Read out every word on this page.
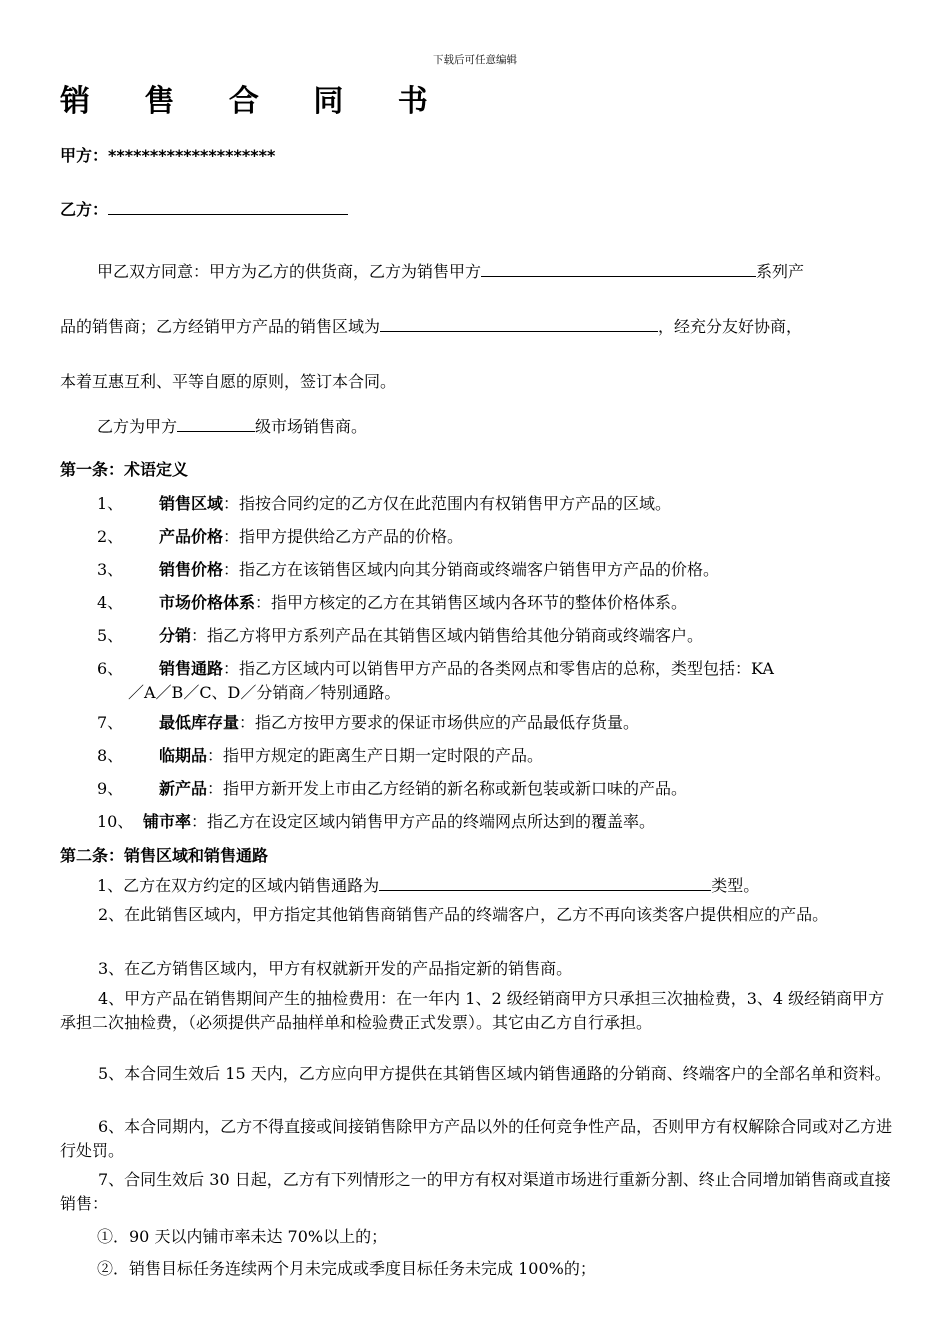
下载后可任意编辑
销 售 合 同 书
甲方：********************
乙方：
甲乙双方同意：甲方为乙方的供货商，乙方为销售甲方	系列产
品的销售商；乙方经销甲方产品的销售区域为	，经充分友好协商，
本着互惠互利、平等自愿的原则，签订本合同。
乙方为甲方	级市场销售商。
第一条：术语定义
1、 销售区域：指按合同约定的乙方仅在此范围内有权销售甲方产品的区域。
2、 产品价格：指甲方提供给乙方产品的价格。
3、 销售价格：指乙方在该销售区域内向其分销商或终端客户销售甲方产品的价格。
4、 市场价格体系：指甲方核定的乙方在其销售区域内各环节的整体价格体系。
5、 分销：指乙方将甲方系列产品在其销售区域内销售给其他分销商或终端客户。
6、 销售通路：指乙方区域内可以销售甲方产品的各类网点和零售店的总称，类型包括：KA
／A／B／C、D／分销商／特别通路。
7、 最低库存量：指乙方按甲方要求的保证市场供应的产品最低存货量。
8、 临期品：指甲方规定的距离生产日期一定时限的产品。
9、 新产品：指甲方新开发上市由乙方经销的新名称或新包装或新口味的产品。
10、 铺市率：指乙方在设定区域内销售甲方产品的终端网点所达到的覆盖率。
第二条：销售区域和销售通路
1、乙方在双方约定的区域内销售通路为	类型。
2、在此销售区域内，甲方指定其他销售商销售产品的终端客户，乙方不再向该类客户提供相应的产品。
3、在乙方销售区域内，甲方有权就新开发的产品指定新的销售商。
4、甲方产品在销售期间产生的抽检费用：在一年内 1、2 级经销商甲方只承担三次抽检费，3、4 级经销商甲方承担二次抽检费，（必须提供产品抽样单和检验费正式发票）。其它由乙方自行承担。
5、本合同生效后 15 天内，乙方应向甲方提供在其销售区域内销售通路的分销商、终端客户的全部名单和资料。
6、本合同期内，乙方不得直接或间接销售除甲方产品以外的任何竞争性产品，否则甲方有权解除合同或对乙方进行处罚。
7、合同生效后 30 日起，乙方有下列情形之一的甲方有权对渠道市场进行重新分割、终止合同增加销售商或直接销售：
①．90 天以内铺市率未达 70%以上的；
②．销售目标任务连续两个月未完成或季度目标任务未完成 100%的；
